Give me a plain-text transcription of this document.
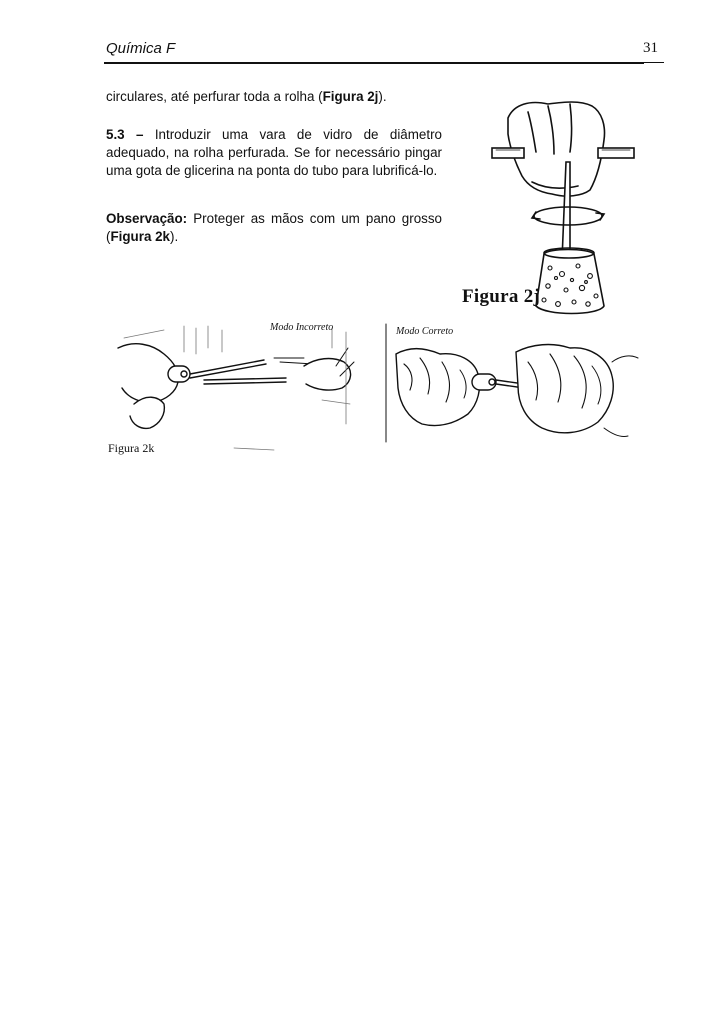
Química F	31

circulares, até perfurar toda a rolha (Figura 2j).

5.3 – Introduzir uma vara de vidro de diâmetro adequado, na rolha perfurada. Se for necessário pingar uma gota de glicerina na ponta do tubo para lubrificá-lo.

Observação: Proteger as mãos com um pano grosso (Figura 2k).

Figura 2j
Modo Incorreto	Modo Correto
Figura 2k
